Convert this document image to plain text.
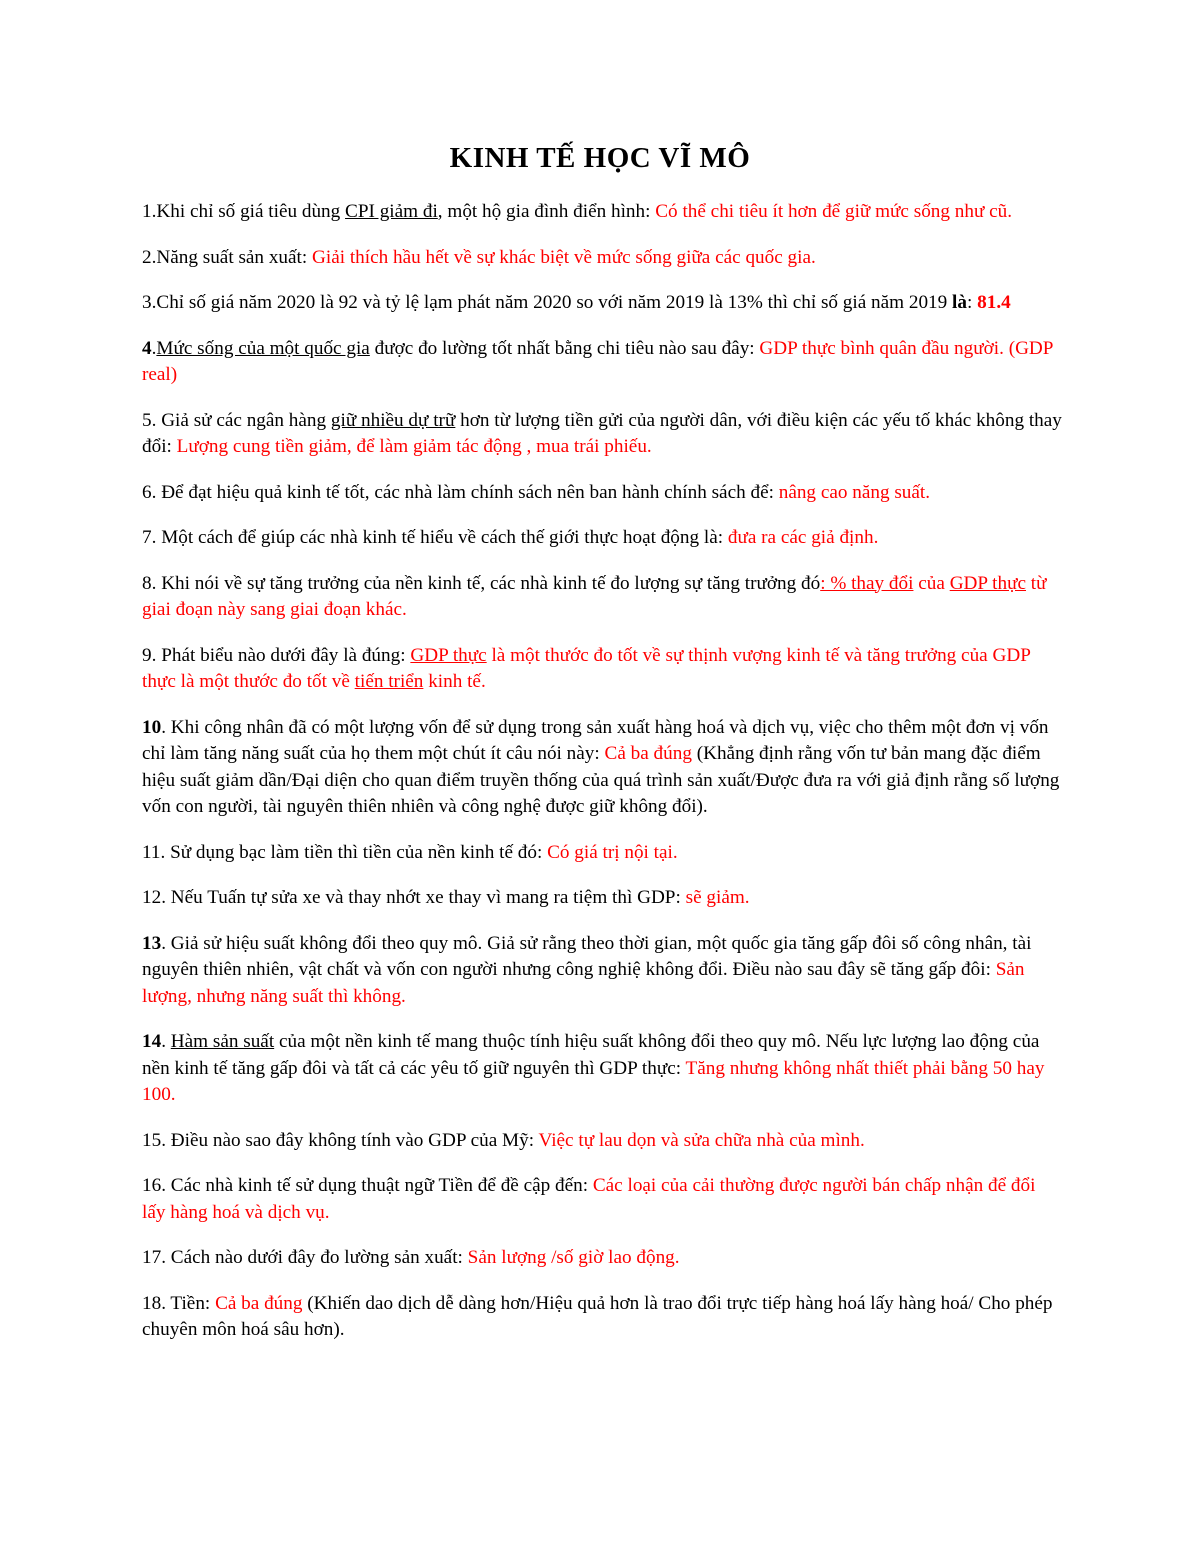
KINH TẾ HỌC VĨ MÔ

1.Khi chỉ số giá tiêu dùng CPI giảm đi, một hộ gia đình điển hình: Có thể chi tiêu ít hơn để giữ mức sống như cũ.

2.Năng suất sản xuất: Giải thích hầu hết về sự khác biệt về mức sống giữa các quốc gia.

3.Chỉ số giá năm 2020 là 92 và tỷ lệ lạm phát năm 2020 so với năm 2019 là 13% thì chỉ số giá năm 2019 là: 81.4

4.Mức sống của một quốc gia được đo lường tốt nhất bằng chi tiêu nào sau đây: GDP thực bình quân đầu người. (GDP real)

5. Giả sử các ngân hàng giữ nhiều dự trữ hơn từ lượng tiền gửi của người dân, với điều kiện các yếu tố khác không thay đổi: Lượng cung tiền giảm, để làm giảm tác động , mua trái phiếu.

6. Để đạt hiệu quả kinh tế tốt, các nhà làm chính sách nên ban hành chính sách để: nâng cao năng suất.

7. Một cách để giúp các nhà kinh tế hiểu về cách thế giới thực hoạt động là: đưa ra các giả định.

8. Khi nói về sự tăng trưởng của nền kinh tế, các nhà kinh tế đo lượng sự tăng trưởng đó: % thay đổi của GDP thực từ giai đoạn này sang giai đoạn khác.

9. Phát biểu nào dưới đây là đúng: GDP thực là một thước đo tốt về sự thịnh vượng kinh tế và tăng trưởng của GDP thực là một thước đo tốt về tiến triển kinh tế.

10. Khi công nhân đã có một lượng vốn để sử dụng trong sản xuất hàng hoá và dịch vụ, việc cho thêm một đơn vị vốn chỉ làm tăng năng suất của họ them một chút ít câu nói này: Cả ba đúng (Khẳng định rằng vốn tư bản mang đặc điểm hiệu suất giảm dần/Đại diện cho quan điểm truyền thống của quá trình sản xuất/Được đưa ra với giả định rằng số lượng vốn con người, tài nguyên thiên nhiên và công nghệ được giữ không đổi).

11. Sử dụng bạc làm tiền thì tiền của nền kinh tế đó: Có giá trị nội tại.

12. Nếu Tuấn tự sửa xe và thay nhớt xe thay vì mang ra tiệm thì GDP: sẽ giảm.

13. Giả sử hiệu suất không đổi theo quy mô. Giả sử rằng theo thời gian, một quốc gia tăng gấp đôi số công nhân, tài nguyên thiên nhiên, vật chất và vốn con người nhưng công nghiệ không đổi. Điều nào sau đây sẽ tăng gấp đôi: Sản lượng, nhưng năng suất thì không.

14. Hàm sản suất của một nền kinh tế mang thuộc tính hiệu suất không đổi theo quy mô. Nếu lực lượng lao động của nền kinh tế tăng gấp đôi và tất cả các yêu tố giữ nguyên thì GDP thực: Tăng nhưng không nhất thiết phải bằng 50 hay 100.

15. Điều nào sao đây không tính vào GDP của Mỹ: Việc tự lau dọn và sửa chữa nhà của mình.

16. Các nhà kinh tế sử dụng thuật ngữ Tiền để đề cập đến: Các loại của cải thường được người bán chấp nhận để đổi lấy hàng hoá và dịch vụ.

17. Cách nào dưới đây đo lường sản xuất: Sản lượng /số giờ lao động.

18. Tiền: Cả ba đúng (Khiến dao dịch dễ dàng hơn/Hiệu quả hơn là trao đổi trực tiếp hàng hoá lấy hàng hoá/ Cho phép chuyên môn hoá sâu hơn).
